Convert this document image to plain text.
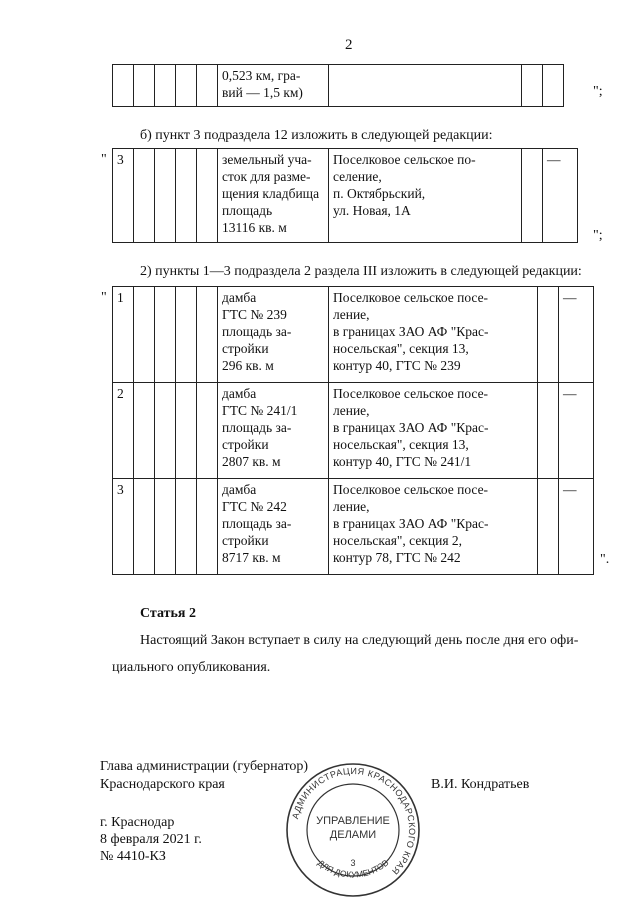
2
					0,523 км, гра-
вий — 1,5 км)				";
б) пункт 3 подраздела 12 изложить в следующей редакции:
" 3					земельный уча-
сток для разме-
щения кладбища
площадь
13116 кв. м	Поселковое сельское по-
селение,
п. Октябрьский,
ул. Новая, 1А		—
";
2) пункты 1—3 подраздела 2 раздела III изложить в следующей редакции:
" 1					дамба
ГТС № 239
площадь за-
стройки
296 кв. м	Поселковое сельское посе-
ление,
в границах ЗАО АФ "Крас-
носельская", секция 13,
контур 40, ГТС № 239		—
2					дамба
ГТС № 241/1
площадь за-
стройки
2807 кв. м	Поселковое сельское посе-
ление,
в границах ЗАО АФ "Крас-
носельская", секция 13,
контур 40, ГТС № 241/1		—
3					дамба
ГТС № 242
площадь за-
стройки
8717 кв. м	Поселковое сельское посе-
ление,
в границах ЗАО АФ "Крас-
носельская", секция 2,
контур 78, ГТС № 242		—
".
Статья 2
Настоящий Закон вступает в силу на следующий день после дня его офи-
циального опубликования.
Глава администрации (губернатор)
Краснодарского края	В.И. Кондратьев
г. Краснодар
8 февраля 2021 г.
№ 4410-КЗ
АДМИНИСТРАЦИЯ КРАСНОДАРСКОГО КРАЯ
ДЛЯ ДОКУМЕНТОВ
УПРАВЛЕНИЕ
ДЕЛАМИ
3
